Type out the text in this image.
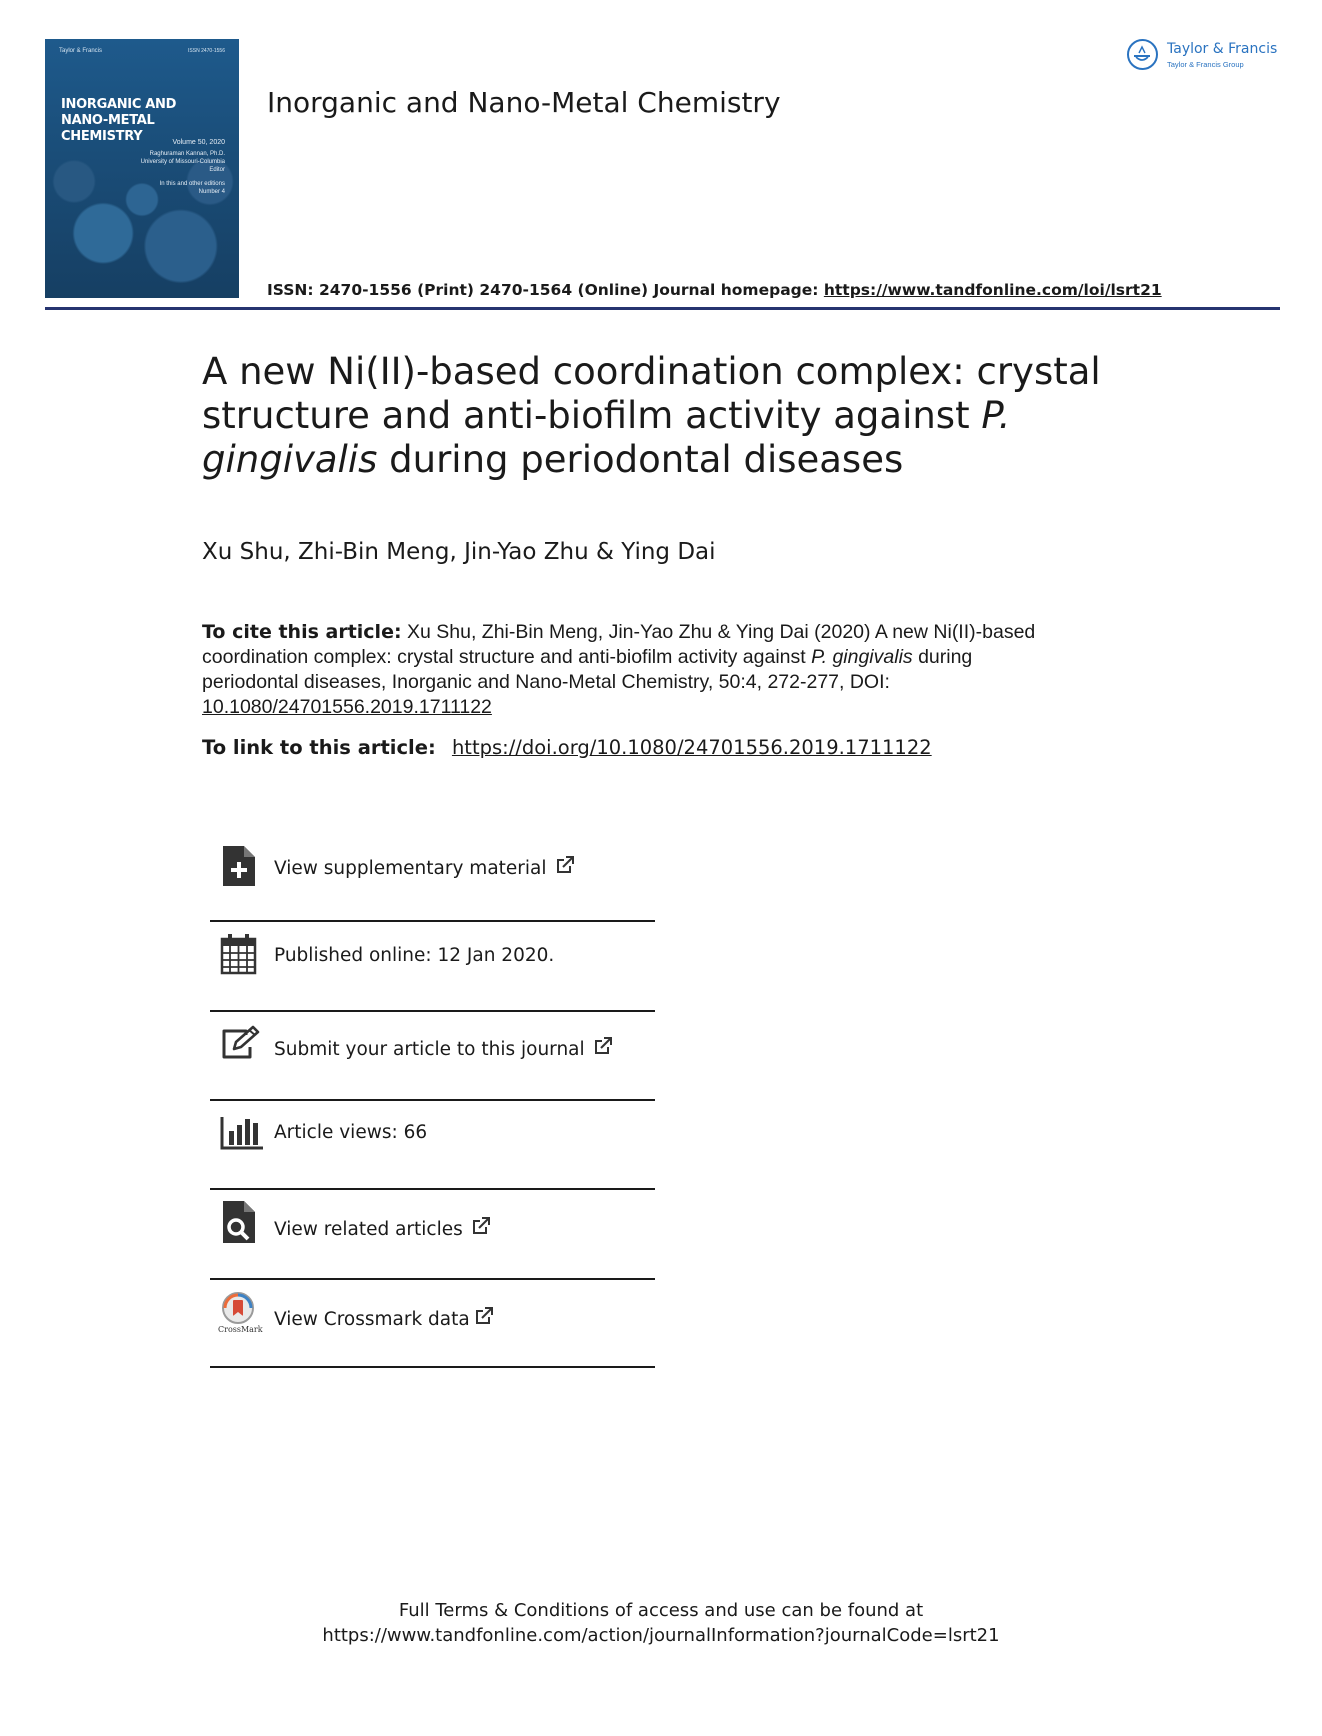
Taylor & Francis	ISSN 2470-1556
INORGANIC AND
NANO-METAL CHEMISTRY	Volume 50, 2020
Raghuraman Kannan, Ph.D.
University of Missouri-Columbia
Editor
In this and other editions
Number 4
Inorganic and Nano-Metal Chemistry
ISSN: 2470-1556 (Print) 2470-1564 (Online) Journal homepage: https://www.tandfonline.com/loi/lsrt21
Taylor & Francis
Taylor & Francis Group
A new Ni(II)-based coordination complex: crystal structure and anti-biofilm activity against P. gingivalis during periodontal diseases
Xu Shu, Zhi-Bin Meng, Jin-Yao Zhu & Ying Dai
To cite this article: Xu Shu, Zhi-Bin Meng, Jin-Yao Zhu & Ying Dai (2020) A new Ni(II)-based coordination complex: crystal structure and anti-biofilm activity against P. gingivalis during periodontal diseases, Inorganic and Nano-Metal Chemistry, 50:4, 272-277, DOI:
10.1080/24701556.2019.1711122
To link to this article: https://doi.org/10.1080/24701556.2019.1711122
View supplementary material
Published online: 12 Jan 2020.
Submit your article to this journal
Article views: 66
View related articles
CrossMark View Crossmark data
Full Terms & Conditions of access and use can be found at
https://www.tandfonline.com/action/journalInformation?journalCode=lsrt21
